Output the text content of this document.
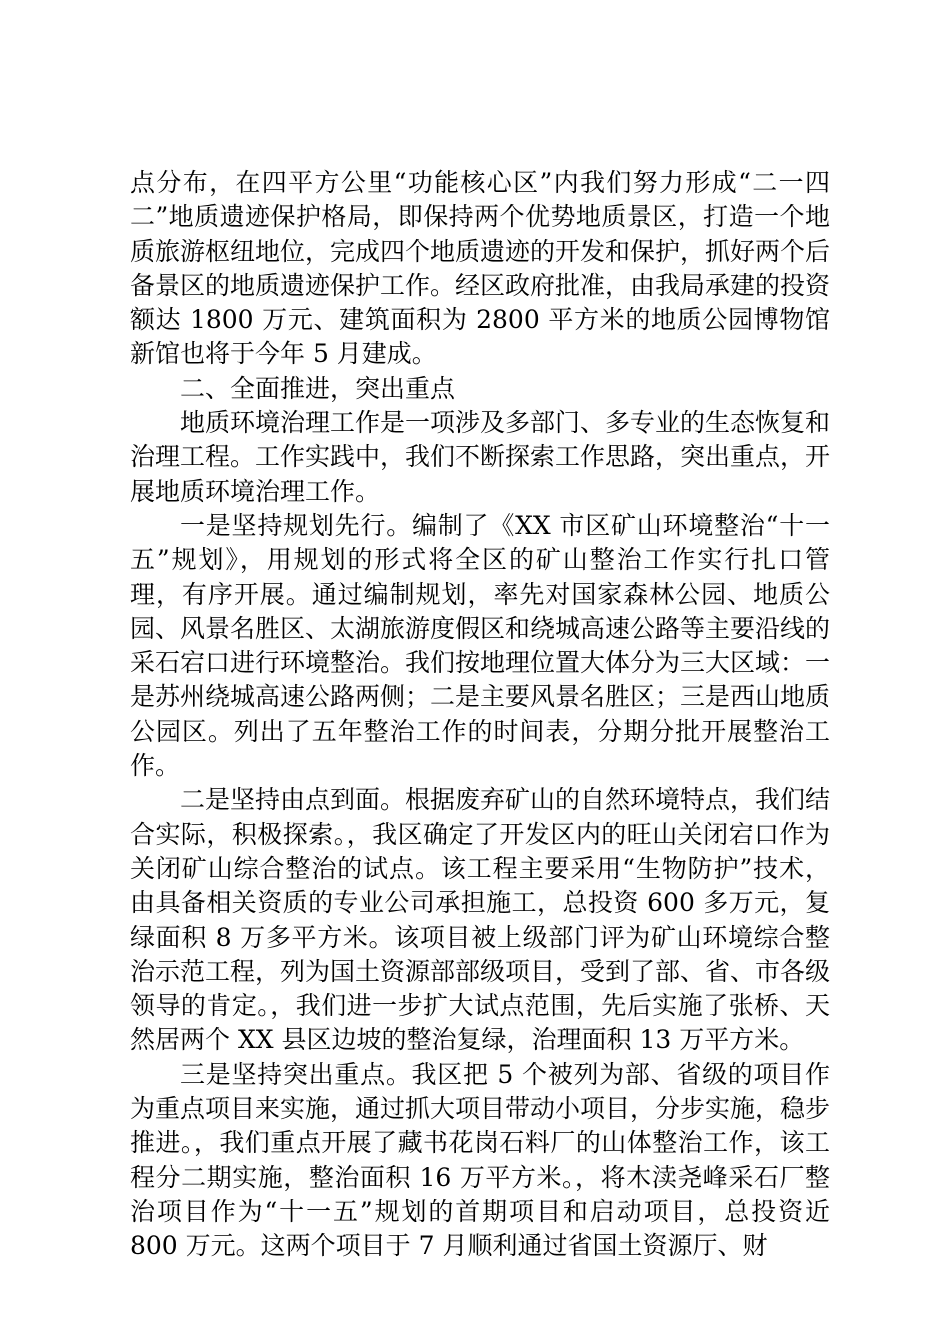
点分布，在四平方公里“功能核心区”内我们努力形成“二一四二”地质遗迹保护格局，即保持两个优势地质景区，打造一个地质旅游枢纽地位，完成四个地质遗迹的开发和保护，抓好两个后备景区的地质遗迹保护工作。经区政府批准，由我局承建的投资额达 1800 万元、建筑面积为 2800 平方米的地质公园博物馆新馆也将于今年 5 月建成。

二、全面推进，突出重点

地质环境治理工作是一项涉及多部门、多专业的生态恢复和治理工程。工作实践中，我们不断探索工作思路，突出重点，开展地质环境治理工作。

一是坚持规划先行。编制了《XX 市区矿山环境整治“十一五”规划》，用规划的形式将全区的矿山整治工作实行扎口管理，有序开展。通过编制规划，率先对国家森林公园、地质公园、风景名胜区、太湖旅游度假区和绕城高速公路等主要沿线的采石宕口进行环境整治。我们按地理位置大体分为三大区域：一是苏州绕城高速公路两侧；二是主要风景名胜区；三是西山地质公园区。列出了五年整治工作的时间表，分期分批开展整治工作。

二是坚持由点到面。根据废弃矿山的自然环境特点，我们结合实际，积极探索。，我区确定了开发区内的旺山关闭宕口作为关闭矿山综合整治的试点。该工程主要采用“生物防护”技术，由具备相关资质的专业公司承担施工，总投资 600 多万元，复绿面积 8 万多平方米。该项目被上级部门评为矿山环境综合整治示范工程，列为国土资源部部级项目，受到了部、省、市各级领导的肯定。，我们进一步扩大试点范围，先后实施了张桥、天然居两个 XX 县区边坡的整治复绿，治理面积 13 万平方米。

三是坚持突出重点。我区把 5 个被列为部、省级的项目作为重点项目来实施，通过抓大项目带动小项目，分步实施，稳步推进。，我们重点开展了藏书花岗石料厂的山体整治工作，该工程分二期实施，整治面积 16 万平方米。，将木渎尧峰采石厂整治项目作为“十一五”规划的首期项目和启动项目，总投资近 800 万元。这两个项目于 7 月顺利通过省国土资源厅、财
